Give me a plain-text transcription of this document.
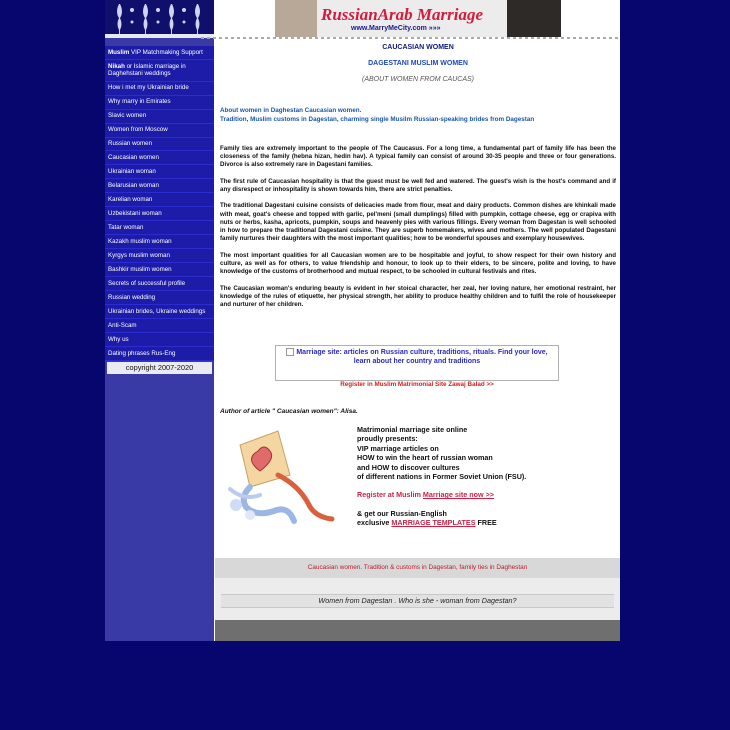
Muslim VIP Matchmaking Support
Nikah or Islamic marriage in Daghehstani weddings
How i met my Ukrainian bride
Why marry in Emirates
Slavic women
Women from Moscow
Russian women
Caucasian women
Ukrainian woman
Belarusian woman
Karelian woman
Uzbekistani woman
Tatar woman
Kazakh muslim woman
Kyrgys muslim woman
Bashkir muslim women
Secrets of successful profile
Russian wedding
Ukrainian brides, Ukraine weddings
Anti-Scam
Why us
Dating phrases Rus-Eng
copyright 2007-2020
RussianArab Marriage
www.MarryMeCity.com »»»
CAUCASIAN WOMEN
DAGESTANI MUSLIM WOMEN
(ABOUT WOMEN FROM CAUCAS)
About women in Daghestan Caucasian women.
Tradition, Muslim customs in Dagestan, charming single Musilm Russian-speaking brides from Dagestan

Family ties are extremely important to the people of The Caucasus. For a long time, a fundamental part of family life has been the closeness of the family (hebna hizan, hedin hav). A typical family can consist of around 30-35 people and three or four generations. Divorce is also extremely rare in Dagestani families.

The first rule of Caucasian hospitality is that the guest must be well fed and watered. The guest's wish is the host's command and if any disrespect or inhospitality is shown towards him, there are strict penalties.

The traditional Dagestani cuisine consists of delicacies made from flour, meat and dairy products. Common dishes are khinkali made with meat, goat's cheese and topped with garlic, pel'meni (small dumplings) filled with pumpkin, cottage cheese, egg or crapiva with nuts or herbs, kasha, apricots, pumpkin, soups and heavenly pies with various fillings. Every woman from Dagestan is well schooled in how to prepare the traditional Dagestani cuisine. They are superb homemakers, wives and mothers. The well populated Dagestani family nurtures their daughters with the most important qualities; how to be wonderful spouses and exemplary housewives.

The most important qualities for all Caucasian women are to be hospitable and joyful, to show respect for their own history and culture, as well as for others, to value friendship and honour, to look up to their elders, to be sincere, polite and loving, to have knowledge of the customs of brotherhood and mutual respect, to be schooled in cultural festivals and rites.

The Caucasian woman's enduring beauty is evident in her stoical character, her zeal, her loving nature, her emotional restraint, her knowledge of the rules of etiquette, her physical strength, her ability to produce healthy children and to fulfil the role of housekeeper and nurturer of her children.

Marriage site: articles on Russian culture, traditions, rituals. Find your love, learn about her country and traditions
Register in Muslim Matrimonial Site Zawaj Balad >>
Author of article " Caucasian women": Alisa.
Matrimonial marriage site online
proudly presents:
VIP marriage articles on
HOW to win the heart of russian woman
and HOW to discover cultures
of different nations in Former Soviet Union (FSU).
Register at Muslim Marriage site now >>
& get our Russian-English
exclusive MARRIAGE TEMPLATES FREE
Caucasian women. Tradition & customs in Dagestan, family ties in Daghestan
Women from Dagestan . Who is she - woman from Dagestan?
